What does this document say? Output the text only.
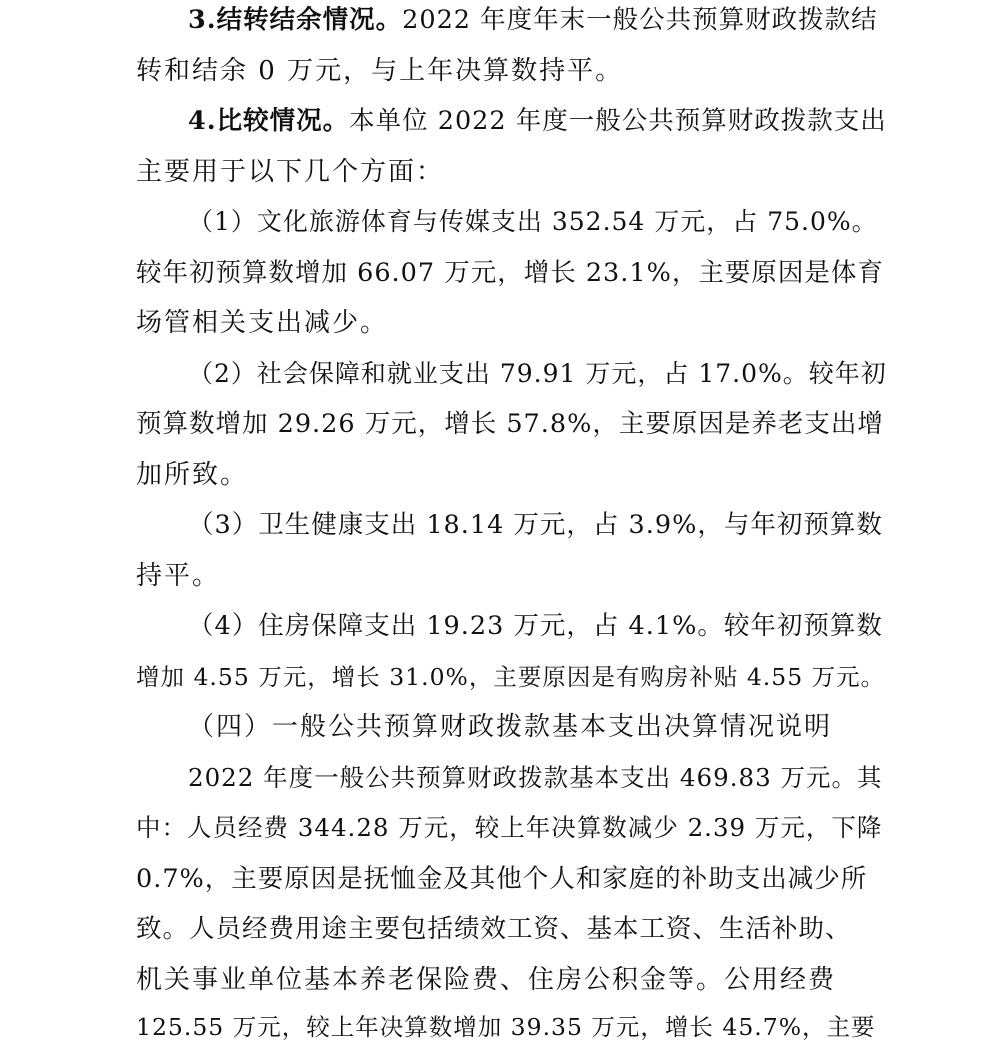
3.结转结余情况。2022 年度年末一般公共预算财政拨款结
转和结余 0 万元，与上年决算数持平。
4.比较情况。本单位 2022 年度一般公共预算财政拨款支出
主要用于以下几个方面：
（1）文化旅游体育与传媒支出 352.54 万元，占 75.0%。
较年初预算数增加 66.07 万元，增长 23.1%，主要原因是体育
场管相关支出减少。
（2）社会保障和就业支出 79.91 万元，占 17.0%。较年初
预算数增加 29.26 万元，增长 57.8%，主要原因是养老支出增
加所致。
（3）卫生健康支出 18.14 万元，占 3.9%，与年初预算数
持平。
（4）住房保障支出 19.23 万元，占 4.1%。较年初预算数
增加 4.55 万元，增长 31.0%，主要原因是有购房补贴 4.55 万元。
（四）一般公共预算财政拨款基本支出决算情况说明
2022 年度一般公共预算财政拨款基本支出 469.83 万元。其
中：人员经费 344.28 万元，较上年决算数减少 2.39 万元，下降
0.7%，主要原因是抚恤金及其他个人和家庭的补助支出减少所
致。人员经费用途主要包括绩效工资、基本工资、生活补助、
机关事业单位基本养老保险费、住房公积金等。公用经费
125.55 万元，较上年决算数增加 39.35 万元，增长 45.7%，主要
